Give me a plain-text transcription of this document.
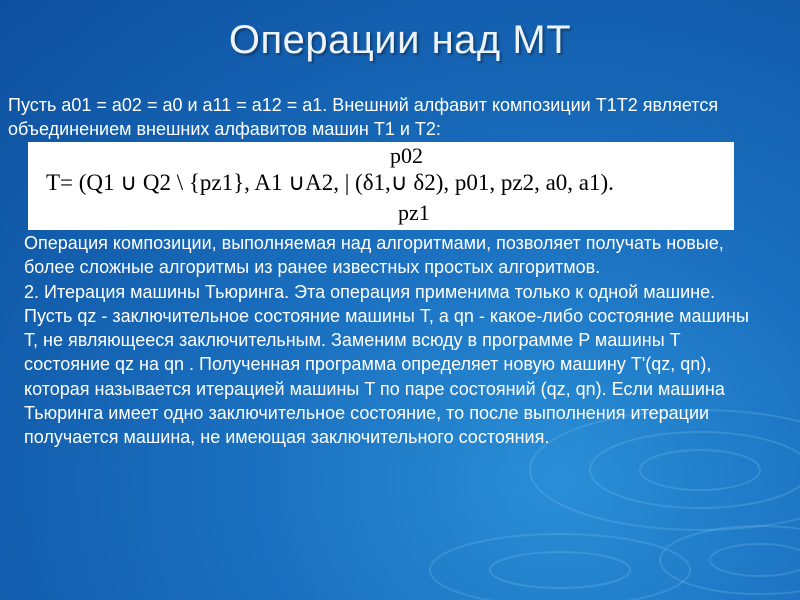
Операции над МТ
Пусть a01 = a02 = a0 и a11 = a12 = a1. Внешний алфавит композиции T1T2 является объединением внешних алфавитов машин T1 и T2:
p02
T= (Q1 ∪ Q2 \ {pz1}, A1 ∪A2, | (δ1,∪ δ2), p01, pz2, a0, a1).
pz1

Операция композиции, выполняемая над алгоритмами, позволяет получать новые, более сложные алгоритмы из ранее известных простых алгоритмов.

2. Итерация машины Тьюринга. Эта операция применима только к одной машине.

Пусть qz - заключительное состояние машины T, а qn - какое-либо состояние машины T, не являющееся заключительным. Заменим всюду в программе P машины T состояние qz на qn . Полученная программа определяет новую машину T'(qz, qn), которая называется итерацией машины T по паре состояний (qz, qn). Если машина Тьюринга имеет одно заключительное состояние, то после выполнения итерации получается машина, не имеющая заключительного состояния.
